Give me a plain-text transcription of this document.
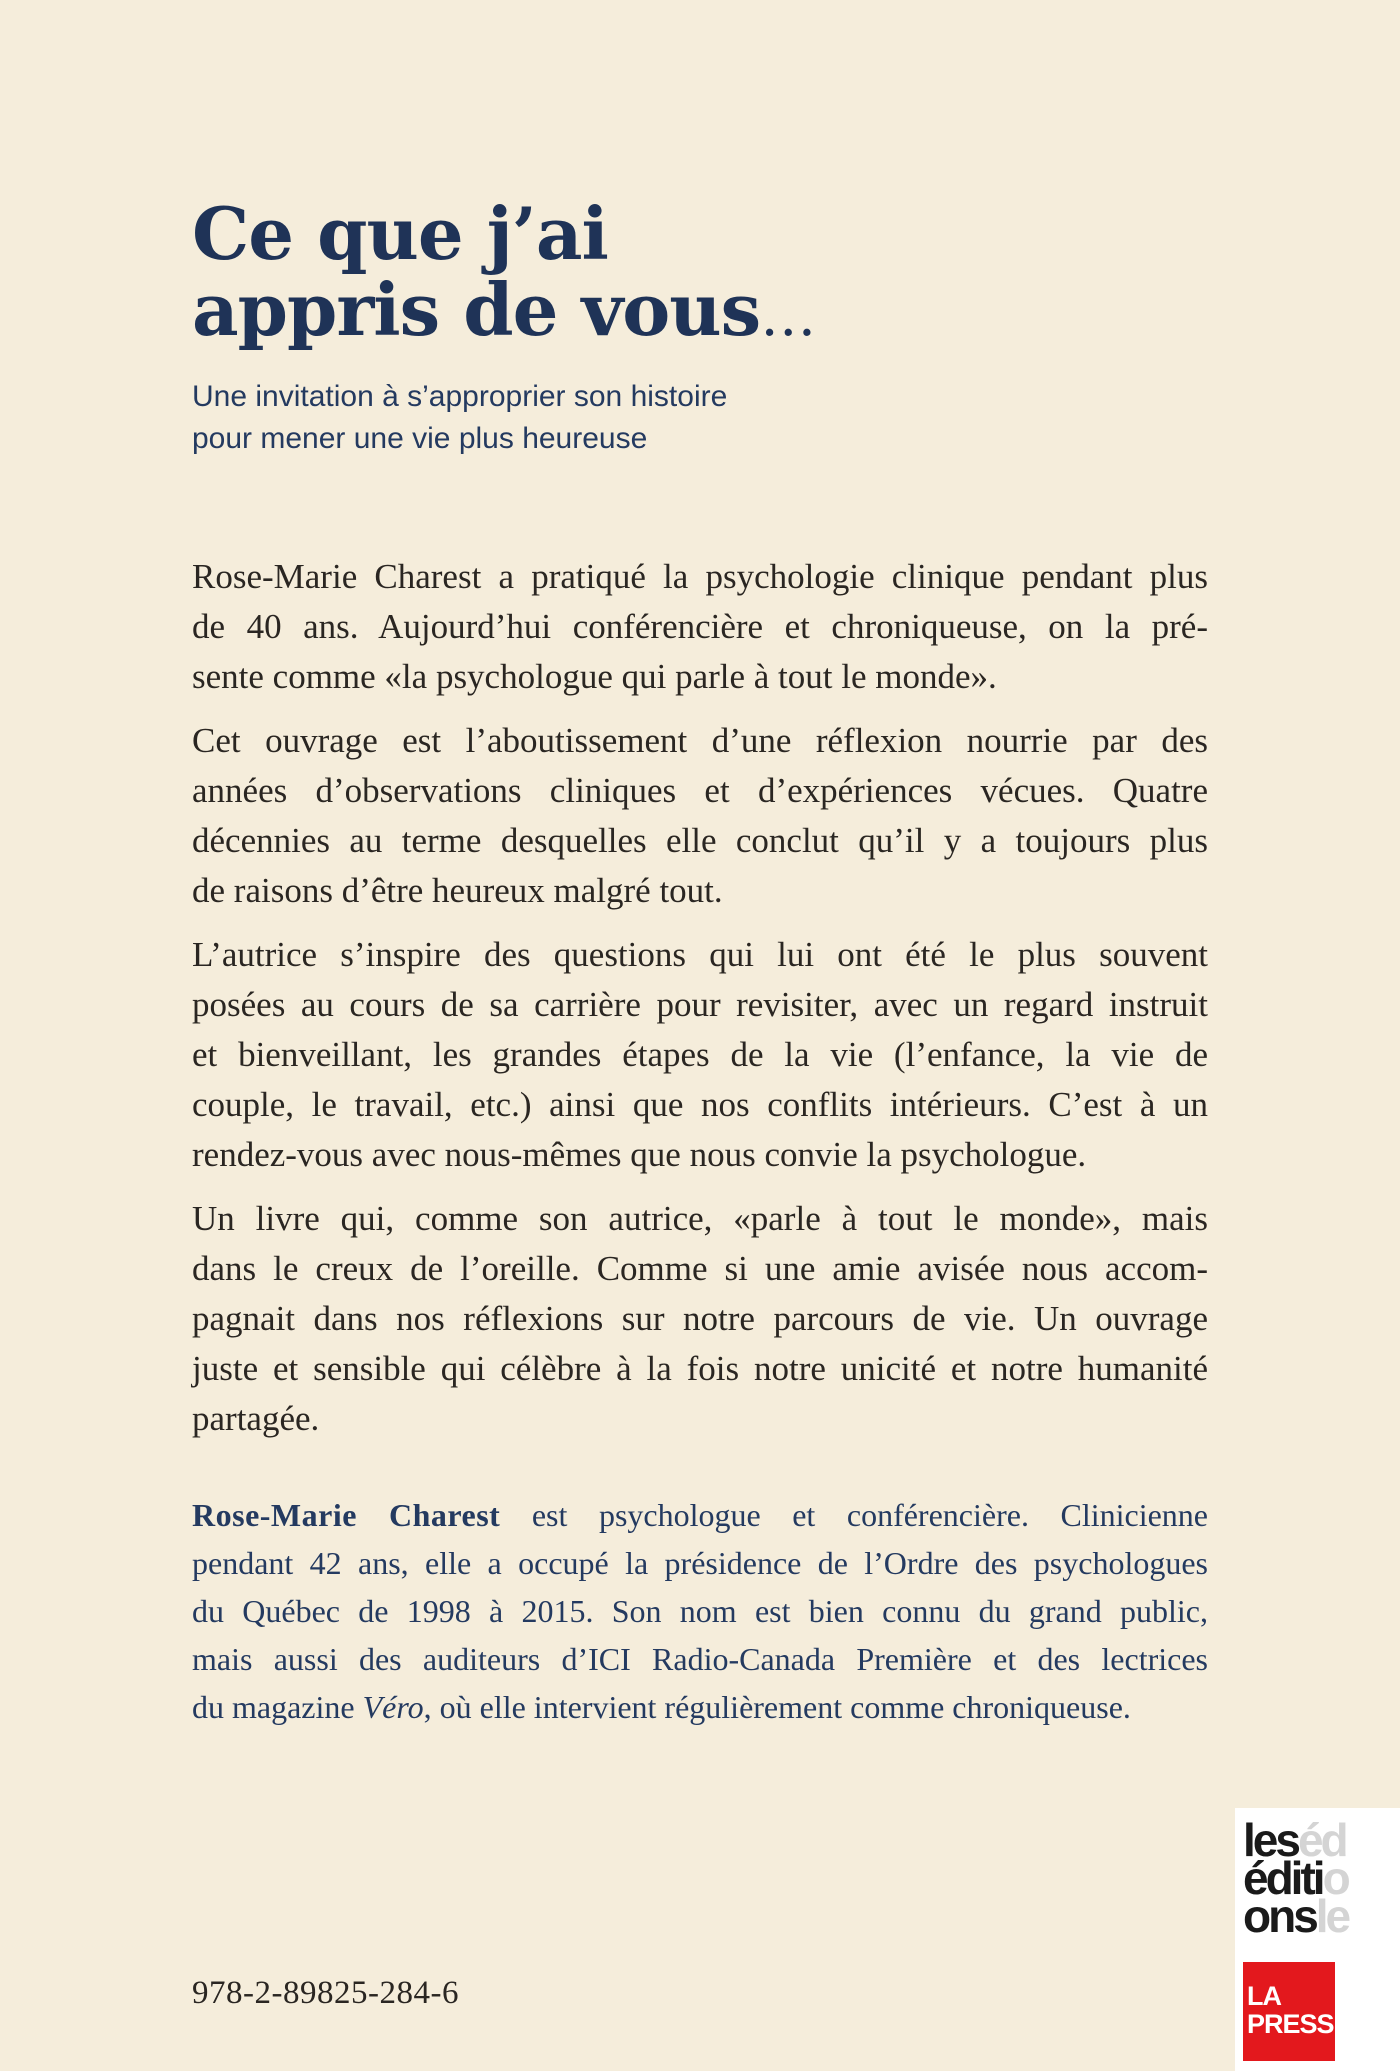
Ce que j’ai
appris de vous…
Une invitation à s’approprier son histoire
pour mener une vie plus heureuse

Rose-Marie Charest a pratiqué la psychologie clinique pendant plus
de 40 ans. Aujourd’hui conférencière et chroniqueuse, on la pré-
sente comme «la psychologue qui parle à tout le monde».

Cet ouvrage est l’aboutissement d’une réflexion nourrie par des
années d’observations cliniques et d’expériences vécues. Quatre
décennies au terme desquelles elle conclut qu’il y a toujours plus
de raisons d’être heureux malgré tout.

L’autrice s’inspire des questions qui lui ont été le plus souvent
posées au cours de sa carrière pour revisiter, avec un regard instruit
et bienveillant, les grandes étapes de la vie (l’enfance, la vie de
couple, le travail, etc.) ainsi que nos conflits intérieurs. C’est à un
rendez-vous avec nous-mêmes que nous convie la psychologue.

Un livre qui, comme son autrice, «parle à tout le monde», mais
dans le creux de l’oreille. Comme si une amie avisée nous accom-
pagnait dans nos réflexions sur notre parcours de vie. Un ouvrage
juste et sensible qui célèbre à la fois notre unicité et notre humanité
partagée.

Rose-Marie Charest est psychologue et conférencière. Clinicienne
pendant 42 ans, elle a occupé la présidence de l’Ordre des psychologues
du Québec de 1998 à 2015. Son nom est bien connu du grand public,
mais aussi des auditeurs d’ICI Radio-Canada Première et des lectrices
du magazine Véro, où elle intervient régulièrement comme chroniqueuse.
978-2-89825-284-6
leséd
éditio
onsle
LA
PRESSE
